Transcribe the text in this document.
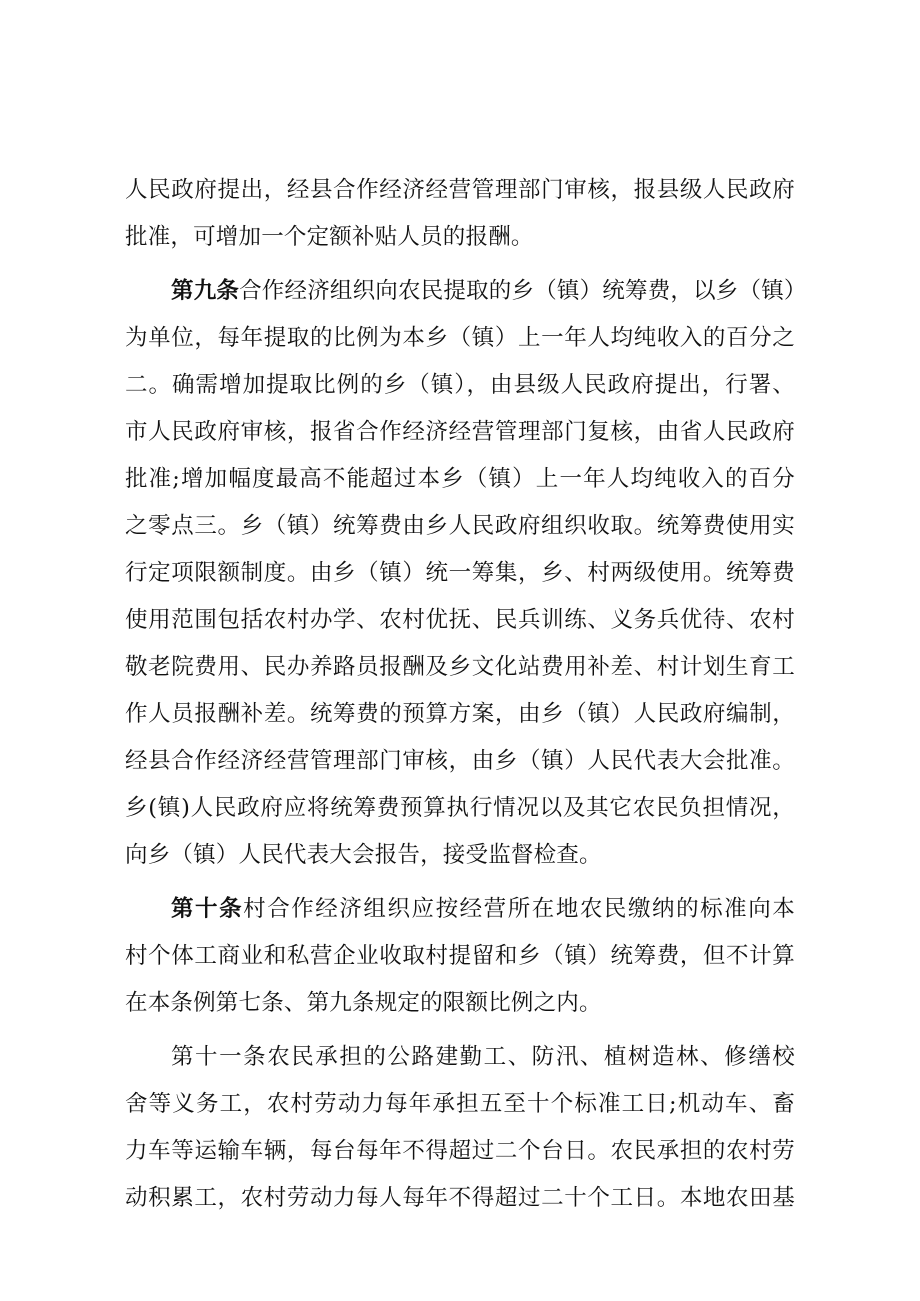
人民政府提出，经县合作经济经营管理部门审核，报县级人民政府
批准，可增加一个定额补贴人员的报酬。
第九条合作经济组织向农民提取的乡（镇）统筹费，以乡（镇）
为单位，每年提取的比例为本乡（镇）上一年人均纯收入的百分之
二。确需增加提取比例的乡（镇），由县级人民政府提出，行署、
市人民政府审核，报省合作经济经营管理部门复核，由省人民政府
批准;增加幅度最高不能超过本乡（镇）上一年人均纯收入的百分
之零点三。乡（镇）统筹费由乡人民政府组织收取。统筹费使用实
行定项限额制度。由乡（镇）统一筹集，乡、村两级使用。统筹费
使用范围包括农村办学、农村优抚、民兵训练、义务兵优待、农村
敬老院费用、民办养路员报酬及乡文化站费用补差、村计划生育工
作人员报酬补差。统筹费的预算方案，由乡（镇）人民政府编制，
经县合作经济经营管理部门审核，由乡（镇）人民代表大会批准。
乡(镇)人民政府应将统筹费预算执行情况以及其它农民负担情况，
向乡（镇）人民代表大会报告，接受监督检查。
第十条村合作经济组织应按经营所在地农民缴纳的标准向本
村个体工商业和私营企业收取村提留和乡（镇）统筹费，但不计算
在本条例第七条、第九条规定的限额比例之内。
第十一条农民承担的公路建勤工、防汛、植树造林、修缮校
舍等义务工，农村劳动力每年承担五至十个标准工日;机动车、畜
力车等运输车辆，每台每年不得超过二个台日。农民承担的农村劳
动积累工，农村劳动力每人每年不得超过二十个工日。本地农田基
